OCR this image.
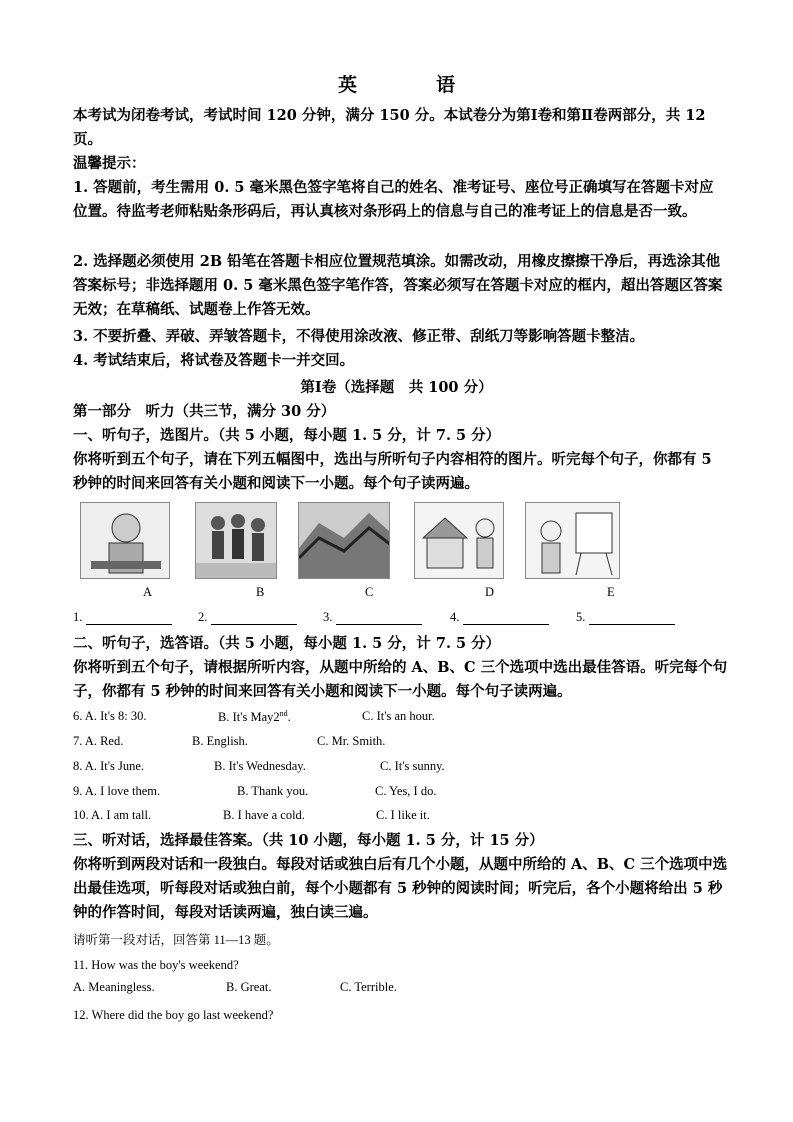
英　语

本考试为闭卷考试，考试时间 120 分钟，满分 150 分。本试卷分为第Ⅰ卷和第Ⅱ卷两部分，共 12 页。

温馨提示：

1. 答题前，考生需用 0. 5 毫米黑色签字笔将自己的姓名、准考证号、座位号正确填写在答题卡对应位置。待监考老师粘贴条形码后，再认真核对条形码上的信息与自己的准考证上的信息是否一致。

2. 选择题必须使用 2B 铅笔在答题卡相应位置规范填涂。如需改动，用橡皮擦擦干净后，再选涂其他答案标号；非选择题用 0. 5 毫米黑色签字笔作答，答案必须写在答题卡对应的框内，超出答题区答案无效；在草稿纸、试题卷上作答无效。

3. 不要折叠、弄破、弄皱答题卡，不得使用涂改液、修正带、刮纸刀等影响答题卡整洁。

4. 考试结束后，将试卷及答题卡一并交回。

第Ⅰ卷（选择题　共 100 分）

第一部分　听力（共三节，满分 30 分）

一、听句子，选图片。（共 5 小题，每小题 1. 5 分，计 7. 5 分）

你将听到五个句子，请在下列五幅图中，选出与所听句子内容相符的图片。听完每个句子，你都有 5 秒钟的时间来回答有关小题和阅读下一小题。每个句子读两遍。

A	B	C	D	E
1.	2.	3.	4.	5.

二、听句子，选答语。（共 5 小题，每小题 1. 5 分，计 7. 5 分）

你将听到五个句子，请根据所听内容，从题中所给的 A、B、C 三个选项中选出最佳答语。听完每个句子，你都有 5 秒钟的时间来回答有关小题和阅读下一小题。每个句子读两遍。

6. A. It's 8: 30.	B. It's May2nd.	C. It's an hour.
7. A. Red.	B. English.	C. Mr. Smith.
8. A. It's June.	B. It's Wednesday.	C. It's sunny.
9. A. I love them.	B. Thank you.	C. Yes, I do.
10. A. I am tall.	B. I have a cold.	C. I like it.

三、听对话，选择最佳答案。（共 10 小题，每小题 1. 5 分，计 15 分）

你将听到两段对话和一段独白。每段对话或独白后有几个小题，从题中所给的 A、B、C 三个选项中选出最佳选项，听每段对话或独白前，每个小题都有 5 秒钟的阅读时间；听完后，各个小题将给出 5 秒钟的作答时间，每段对话读两遍，独白读三遍。

请听第一段对话，回答第 11—13 题。
11. How was the boy's weekend?
A. Meaningless.	B. Great.	C. Terrible.
12. Where did the boy go last weekend?
